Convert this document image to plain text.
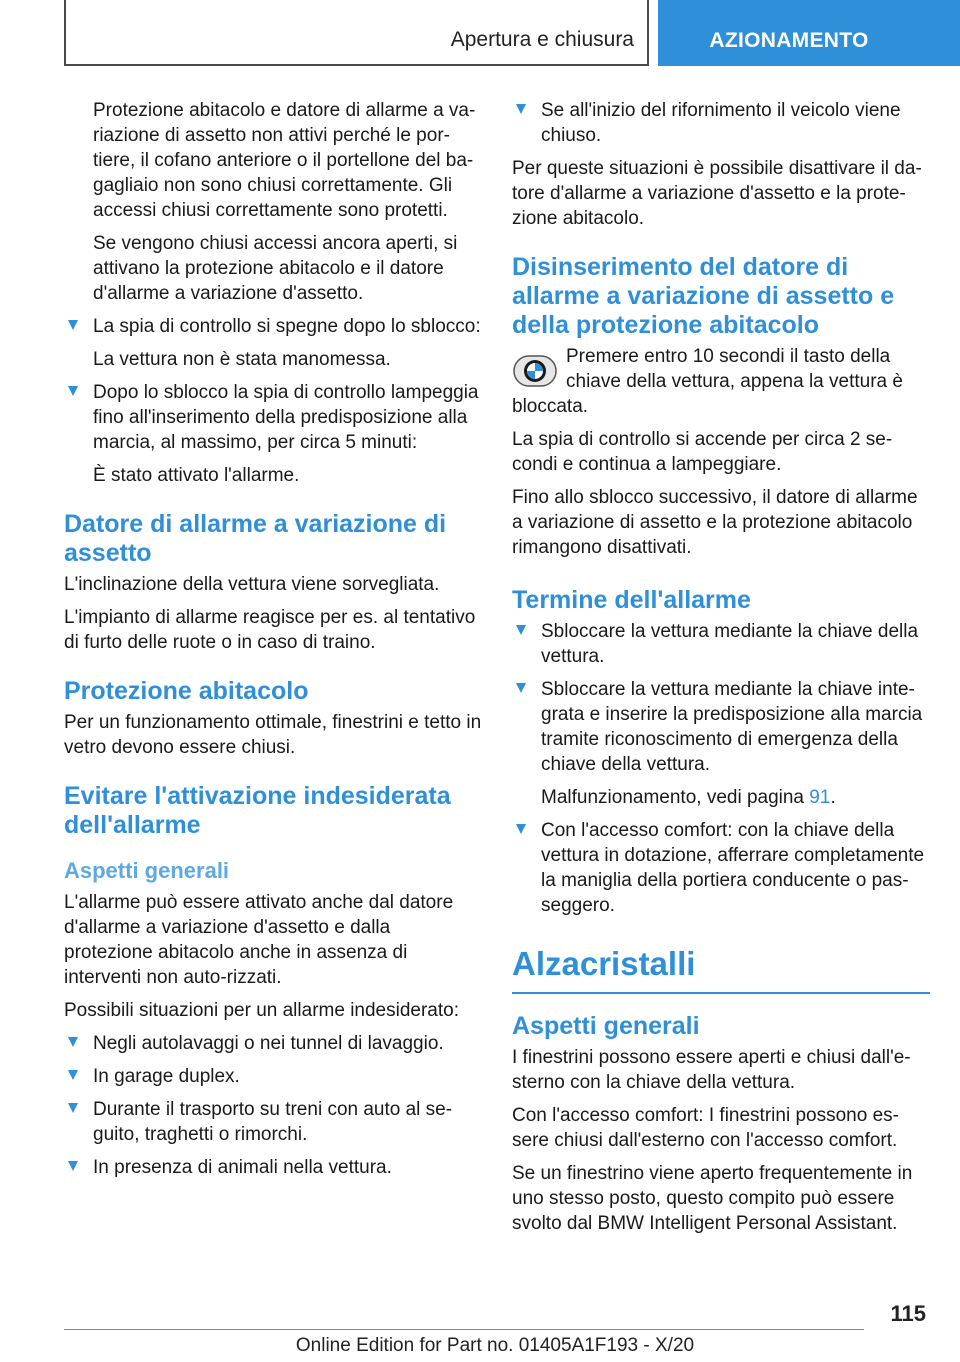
Apertura e chiusura	AZIONAMENTO

Protezione abitacolo e datore di allarme a va-riazione di assetto non attivi perché le por-tiere, il cofano anteriore o il portellone del ba-gagliaio non sono chiusi correttamente. Gli accessi chiusi correttamente sono protetti.

Se vengono chiusi accessi ancora aperti, si attivano la protezione abitacolo e il datore d'allarme a variazione d'assetto.

La spia di controllo si spegne dopo lo sblocco:

La vettura non è stata manomessa.

Dopo lo sblocco la spia di controllo lampeggia fino all'inserimento della predisposizione alla marcia, al massimo, per circa 5 minuti:

È stato attivato l'allarme.

Datore di allarme a variazione di assetto

L'inclinazione della vettura viene sorvegliata.

L'impianto di allarme reagisce per es. al tentativo di furto delle ruote o in caso di traino.

Protezione abitacolo

Per un funzionamento ottimale, finestrini e tetto in vetro devono essere chiusi.

Evitare l'attivazione indesiderata dell'allarme
Aspetti generali

L'allarme può essere attivato anche dal datore d'allarme a variazione d'assetto e dalla protezione abitacolo anche in assenza di interventi non auto-rizzati.

Possibili situazioni per un allarme indesiderato:

Negli autolavaggi o nei tunnel di lavaggio.
In garage duplex.
Durante il trasporto su treni con auto al se-guito, traghetti o rimorchi.
In presenza di animali nella vettura.
Se all'inizio del rifornimento il veicolo viene chiuso.

Per queste situazioni è possibile disattivare il da-tore d'allarme a variazione d'assetto e la prote-zione abitacolo.

Disinserimento del datore di allarme a variazione di assetto e della protezione abitacolo

Premere entro 10 secondi il tasto della chiave della vettura, appena la vettura è bloccata.

La spia di controllo si accende per circa 2 se-condi e continua a lampeggiare.

Fino allo sblocco successivo, il datore di allarme a variazione di assetto e la protezione abitacolo rimangono disattivati.

Termine dell'allarme
Sbloccare la vettura mediante la chiave della vettura.
Sbloccare la vettura mediante la chiave inte-grata e inserire la predisposizione alla marcia tramite riconoscimento di emergenza della chiave della vettura.

Malfunzionamento, vedi pagina 91.

Con l'accesso comfort: con la chiave della vettura in dotazione, afferrare completamente la maniglia della portiera conducente o pas-seggero.
Alzacristalli
Aspetti generali

I finestrini possono essere aperti e chiusi dall'e-sterno con la chiave della vettura.

Con l'accesso comfort: I finestrini possono es-sere chiusi dall'esterno con l'accesso comfort.

Se un finestrino viene aperto frequentemente in uno stesso posto, questo compito può essere svolto dal BMW Intelligent Personal Assistant.

115
Online Edition for Part no. 01405A1F193 - X/20
